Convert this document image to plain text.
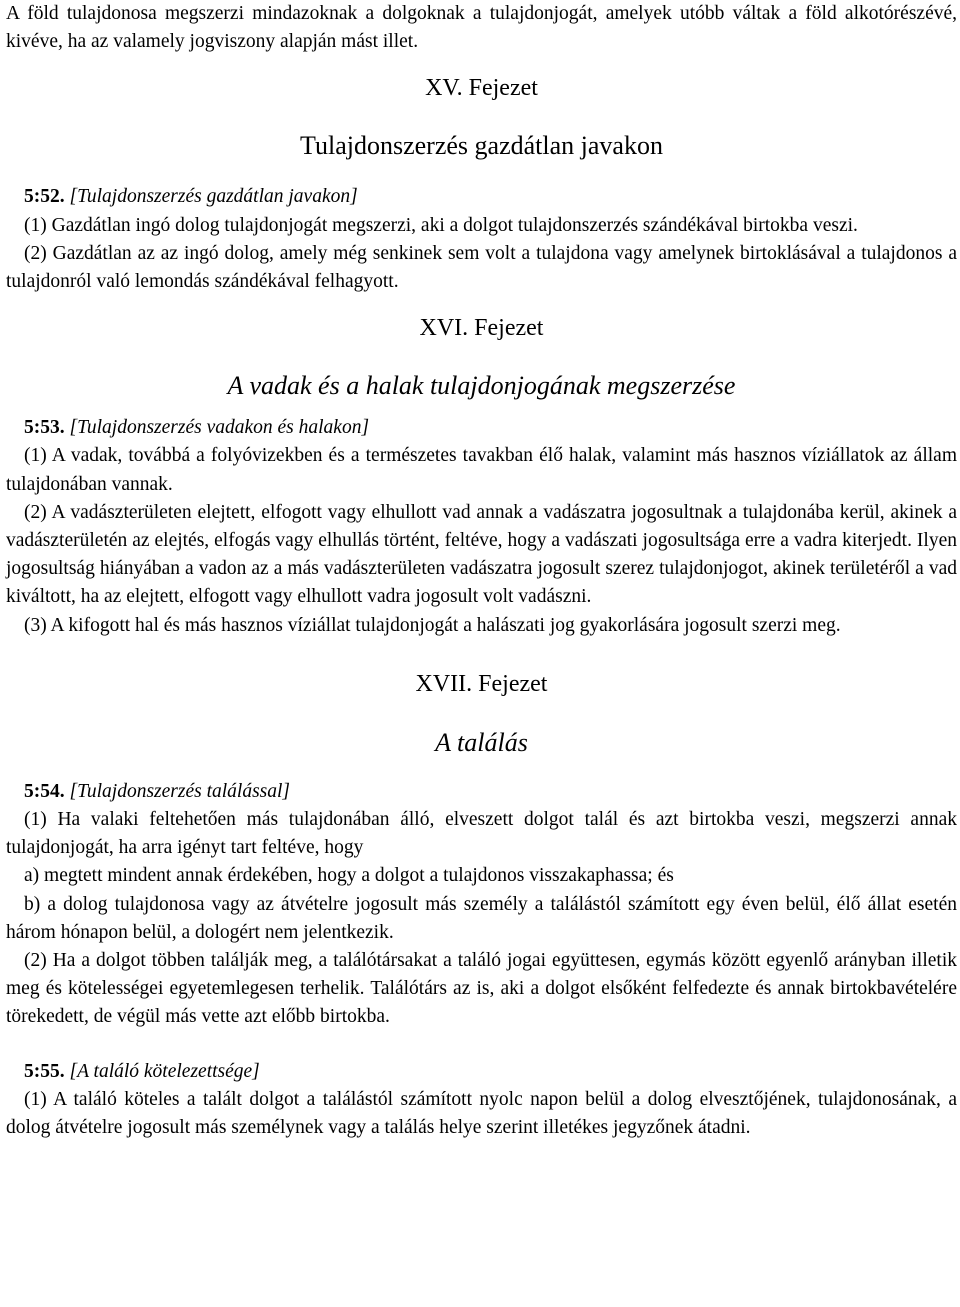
A föld tulajdonosa megszerzi mindazoknak a dolgoknak a tulajdonjogát, amelyek utóbb váltak a föld alkotórészévé, kivéve, ha az valamely jogviszony alapján mást illet.

XV. Fejezet
Tulajdonszerzés gazdátlan javakon

5:52. [Tulajdonszerzés gazdátlan javakon]

(1) Gazdátlan ingó dolog tulajdonjogát megszerzi, aki a dolgot tulajdonszerzés szándékával birtokba veszi.

(2) Gazdátlan az az ingó dolog, amely még senkinek sem volt a tulajdona vagy amelynek birtoklásával a tulajdonos a tulajdonról való lemondás szándékával felhagyott.

XVI. Fejezet
A vadak és a halak tulajdonjogának megszerzése

5:53. [Tulajdonszerzés vadakon és halakon]

(1) A vadak, továbbá a folyóvizekben és a természetes tavakban élő halak, valamint más hasznos víziállatok az állam tulajdonában vannak.

(2) A vadászterületen elejtett, elfogott vagy elhullott vad annak a vadászatra jogosultnak a tulajdonába kerül, akinek a vadászterületén az elejtés, elfogás vagy elhullás történt, feltéve, hogy a vadászati jogosultsága erre a vadra kiterjedt. Ilyen jogosultság hiányában a vadon az a más vadászterületen vadászatra jogosult szerez tulajdonjogot, akinek területéről a vad kiváltott, ha az elejtett, elfogott vagy elhullott vadra jogosult volt vadászni.

(3) A kifogott hal és más hasznos víziállat tulajdonjogát a halászati jog gyakorlására jogosult szerzi meg.

XVII. Fejezet
A találás

5:54. [Tulajdonszerzés találással]

(1) Ha valaki feltehetően más tulajdonában álló, elveszett dolgot talál és azt birtokba veszi, megszerzi annak tulajdonjogát, ha arra igényt tart feltéve, hogy

a) megtett mindent annak érdekében, hogy a dolgot a tulajdonos visszakaphassa; és

b) a dolog tulajdonosa vagy az átvételre jogosult más személy a találástól számított egy éven belül, élő állat esetén három hónapon belül, a dologért nem jelentkezik.

(2) Ha a dolgot többen találják meg, a találótársakat a találó jogai együttesen, egymás között egyenlő arányban illetik meg és kötelességei egyetemlegesen terhelik. Találótárs az is, aki a dolgot elsőként felfedezte és annak birtokbavételére törekedett, de végül más vette azt előbb birtokba.

5:55. [A találó kötelezettsége]

(1) A találó köteles a talált dolgot a találástól számított nyolc napon belül a dolog elvesztőjének, tulajdonosának, a dolog átvételre jogosult más személynek vagy a találás helye szerint illetékes jegyzőnek átadni.
